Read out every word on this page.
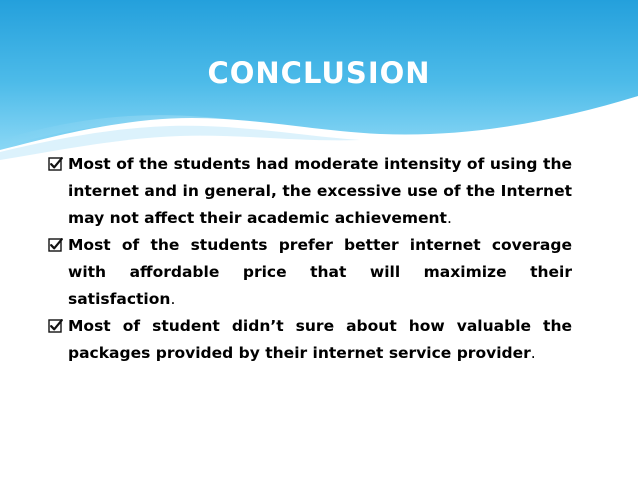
CONCLUSION
Most of the students had moderate intensity of using the internet and in general, the excessive use of the Internet may not affect their academic achievement.
Most of the students prefer better internet coverage with affordable price that will maximize their satisfaction.
Most of student didn’t sure about how valuable the packages provided by their internet service provider.
